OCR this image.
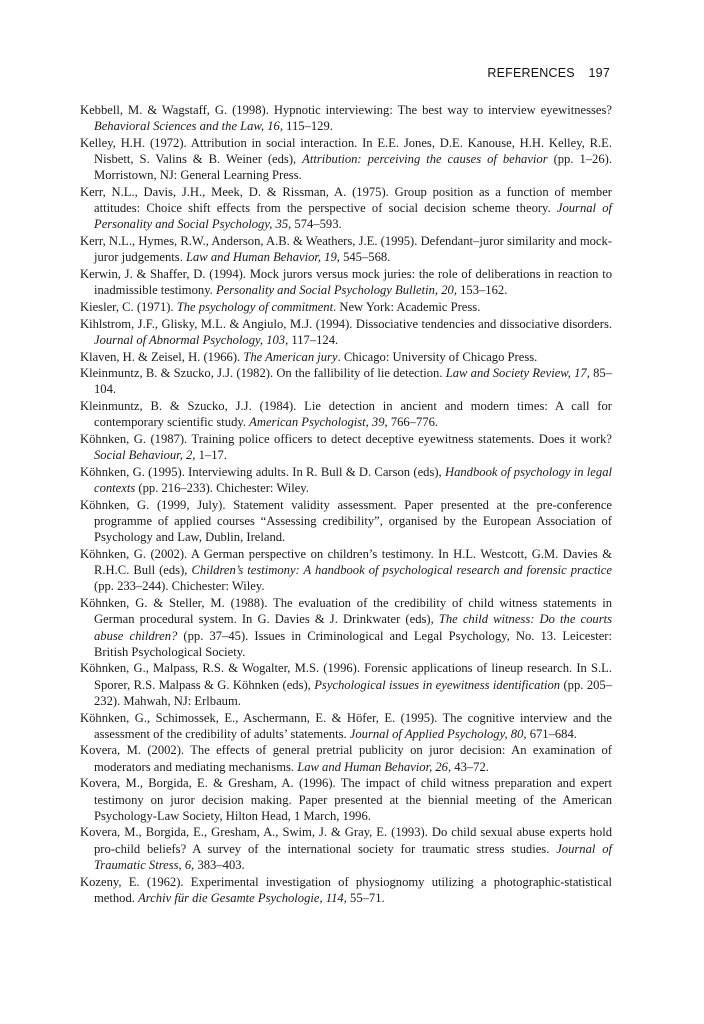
REFERENCES 197

Kebbell, M. & Wagstaff, G. (1998). Hypnotic interviewing: The best way to interview eyewitnesses? Behavioral Sciences and the Law, 16, 115–129.

Kelley, H.H. (1972). Attribution in social interaction. In E.E. Jones, D.E. Kanouse, H.H. Kelley, R.E. Nisbett, S. Valins & B. Weiner (eds), Attribution: perceiving the causes of behavior (pp. 1–26). Morristown, NJ: General Learning Press.

Kerr, N.L., Davis, J.H., Meek, D. & Rissman, A. (1975). Group position as a function of member attitudes: Choice shift effects from the perspective of social decision scheme theory. Journal of Personality and Social Psychology, 35, 574–593.

Kerr, N.L., Hymes, R.W., Anderson, A.B. & Weathers, J.E. (1995). Defendant–juror similarity and mock-juror judgements. Law and Human Behavior, 19, 545–568.

Kerwin, J. & Shaffer, D. (1994). Mock jurors versus mock juries: the role of deliberations in reaction to inadmissible testimony. Personality and Social Psychology Bulletin, 20, 153–162.

Kiesler, C. (1971). The psychology of commitment. New York: Academic Press.

Kihlstrom, J.F., Glisky, M.L. & Angiulo, M.J. (1994). Dissociative tendencies and dissociative disorders. Journal of Abnormal Psychology, 103, 117–124.

Klaven, H. & Zeisel, H. (1966). The American jury. Chicago: University of Chicago Press.

Kleinmuntz, B. & Szucko, J.J. (1982). On the fallibility of lie detection. Law and Society Review, 17, 85–104.

Kleinmuntz, B. & Szucko, J.J. (1984). Lie detection in ancient and modern times: A call for contemporary scientific study. American Psychologist, 39, 766–776.

Köhnken, G. (1987). Training police officers to detect deceptive eyewitness statements. Does it work? Social Behaviour, 2, 1–17.

Köhnken, G. (1995). Interviewing adults. In R. Bull & D. Carson (eds), Handbook of psychology in legal contexts (pp. 216–233). Chichester: Wiley.

Köhnken, G. (1999, July). Statement validity assessment. Paper presented at the pre-conference programme of applied courses “Assessing credibility”, organised by the European Association of Psychology and Law, Dublin, Ireland.

Köhnken, G. (2002). A German perspective on children’s testimony. In H.L. Westcott, G.M. Davies & R.H.C. Bull (eds), Children’s testimony: A handbook of psychological research and forensic practice (pp. 233–244). Chichester: Wiley.

Köhnken, G. & Steller, M. (1988). The evaluation of the credibility of child witness statements in German procedural system. In G. Davies & J. Drinkwater (eds), The child witness: Do the courts abuse children? (pp. 37–45). Issues in Criminological and Legal Psychology, No. 13. Leicester: British Psychological Society.

Köhnken, G., Malpass, R.S. & Wogalter, M.S. (1996). Forensic applications of lineup research. In S.L. Sporer, R.S. Malpass & G. Köhnken (eds), Psychological issues in eyewitness identification (pp. 205–232). Mahwah, NJ: Erlbaum.

Köhnken, G., Schimossek, E., Aschermann, E. & Höfer, E. (1995). The cognitive interview and the assessment of the credibility of adults’ statements. Journal of Applied Psychology, 80, 671–684.

Kovera, M. (2002). The effects of general pretrial publicity on juror decision: An examination of moderators and mediating mechanisms. Law and Human Behavior, 26, 43–72.

Kovera, M., Borgida, E. & Gresham, A. (1996). The impact of child witness preparation and expert testimony on juror decision making. Paper presented at the biennial meeting of the American Psychology-Law Society, Hilton Head, 1 March, 1996.

Kovera, M., Borgida, E., Gresham, A., Swim, J. & Gray, E. (1993). Do child sexual abuse experts hold pro-child beliefs? A survey of the international society for traumatic stress studies. Journal of Traumatic Stress, 6, 383–403.

Kozeny, E. (1962). Experimental investigation of physiognomy utilizing a photographic-statistical method. Archiv für die Gesamte Psychologie, 114, 55–71.
